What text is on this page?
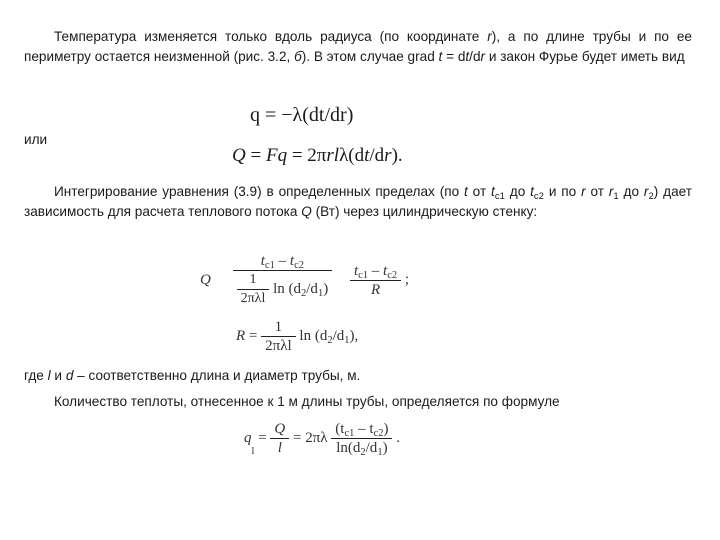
Температура изменяется только вдоль радиуса (по координате r), а по длине трубы и по ее периметру остается неизменной (рис. 3.2, б). В этом случае grad t = dt/dr и закон Фурье будет иметь вид
q = −λ(dt/dr)
или
Q = Fq = 2πrlλ(dt/dr).
Интегрирование уравнения (3.9) в определенных пределах (по t от $t_{c1}$ до $t_{c2}$ и по r от $r_1$ до $r_2$) дает зависимость для расчета теплового потока Q (Вт) через цилиндрическую стенку:
Q $\frac{t_{c1} - t_{c2}}{\frac{1}{\text{2πλl}} \ln (d_2/d_1)}$
$\frac{t_{c1} - t_{c2}}{R}$ ;
$R = \frac{1}{\text{2πλl}}$ $\ln (d_2/d_1)$,
где l и d – соответственно длина и диаметр трубы, м.
Количество теплоты, отнесенное к 1 м длины трубы, определяется по формуле
$q_l = \frac{Q}{l} = 2\pi\lambda \frac{(t_{c1} - t_{c2})}{\ln(d_2/d_1)}$ .
